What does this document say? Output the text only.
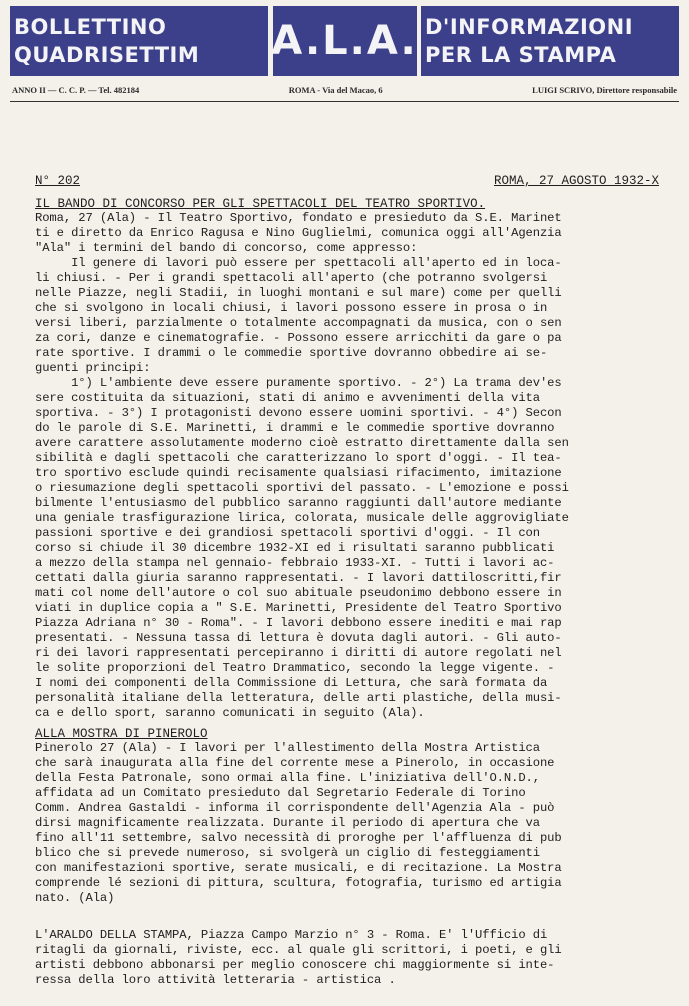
BOLLETTINO
QUADRISETTIM	A.L.A. D'INFORMAZIONI
PER LA STAMPA
ANNO II — C. C. P. — Tel. 482184	ROMA - Via del Macao, 6	LUIGI SCRIVO, Direttore responsabile
N° 202	ROMA, 27 AGOSTO 1932-X
IL BANDO DI CONCORSO PER GLI SPETTACOLI DEL TEATRO SPORTIVO.

Roma, 27 (Ala) - Il Teatro Sportivo, fondato e presieduto da S.E. Marinet

ti e diretto da Enrico Ragusa e Nino Guglielmi, comunica oggi all'Agenzia

"Ala" i termini del bando di concorso, come appresso:

Il genere di lavori può essere per spettacoli all'aperto ed in loca-

li chiusi. - Per i grandi spettacoli all'aperto (che potranno svolgersi

nelle Piazze, negli Stadii, in luoghi montani e sul mare) come per quelli

che si svolgono in locali chiusi, i lavori possono essere in prosa o in

versi liberi, parzialmente o totalmente accompagnati da musica, con o sen

za cori, danze e cinematografie. - Possono essere arricchiti da gare o pa

rate sportive. I drammi o le commedie sportive dovranno obbedire ai se-

guenti principi:

1°) L'ambiente deve essere puramente sportivo. - 2°) La trama dev'es

sere costituita da situazioni, stati di animo e avvenimenti della vita

sportiva. - 3°) I protagonisti devono essere uomini sportivi. - 4°) Secon

do le parole di S.E. Marinetti, i drammi e le commedie sportive dovranno

avere carattere assolutamente moderno cioè estratto direttamente dalla sen

sibilità e dagli spettacoli che caratterizzano lo sport d'oggi. - Il tea-

tro sportivo esclude quindi recisamente qualsiasi rifacimento, imitazione

o riesumazione degli spettacoli sportivi del passato. - L'emozione e possi

bilmente l'entusiasmo del pubblico saranno raggiunti dall'autore mediante

una geniale trasfigurazione lirica, colorata, musicale delle aggrovigliate

passioni sportive e dei grandiosi spettacoli sportivi d'oggi. - Il con

corso si chiude il 30 dicembre 1932-XI ed i risultati saranno pubblicati

a mezzo della stampa nel gennaio- febbraio 1933-XI. - Tutti i lavori ac-

cettati dalla giuria saranno rappresentati. - I lavori dattiloscritti,fir

mati col nome dell'autore o col suo abituale pseudonimo debbono essere in

viati in duplice copia a " S.E. Marinetti, Presidente del Teatro Sportivo

Piazza Adriana n° 30 - Roma". - I lavori debbono essere inediti e mai rap

presentati. - Nessuna tassa di lettura è dovuta dagli autori. - Gli auto-

ri dei lavori rappresentati percepiranno i diritti di autore regolati nel

le solite proporzioni del Teatro Drammatico, secondo la legge vigente. -

I nomi dei componenti della Commissione di Lettura, che sarà formata da

personalità italiane della letteratura, delle arti plastiche, della musi-

ca e dello sport, saranno comunicati in seguito (Ala).

ALLA MOSTRA DI PINEROLO

Pinerolo 27 (Ala) - I lavori per l'allestimento della Mostra Artistica

che sarà inaugurata alla fine del corrente mese a Pinerolo, in occasione

della Festa Patronale, sono ormai alla fine. L'iniziativa dell'O.N.D.,

affidata ad un Comitato presieduto dal Segretario Federale di Torino

Comm. Andrea Gastaldi - informa il corrispondente dell'Agenzia Ala - può

dirsi magnificamente realizzata. Durante il periodo di apertura che va

fino all'11 settembre, salvo necessità di proroghe per l'affluenza di pub

blico che si prevede numeroso, si svolgerà un ciglio di festeggiamenti

con manifestazioni sportive, serate musicali, e di recitazione. La Mostra

comprende lé sezioni di pittura, scultura, fotografia, turismo ed artigia

nato. (Ala)

L'ARALDO DELLA STAMPA, Piazza Campo Marzio n° 3 - Roma. E' l'Ufficio di

ritagli da giornali, riviste, ecc. al quale gli scrittori, i poeti, e gli

artisti debbono abbonarsi per meglio conoscere chi maggiormente si inte-

ressa della loro attività letteraria - artistica .
